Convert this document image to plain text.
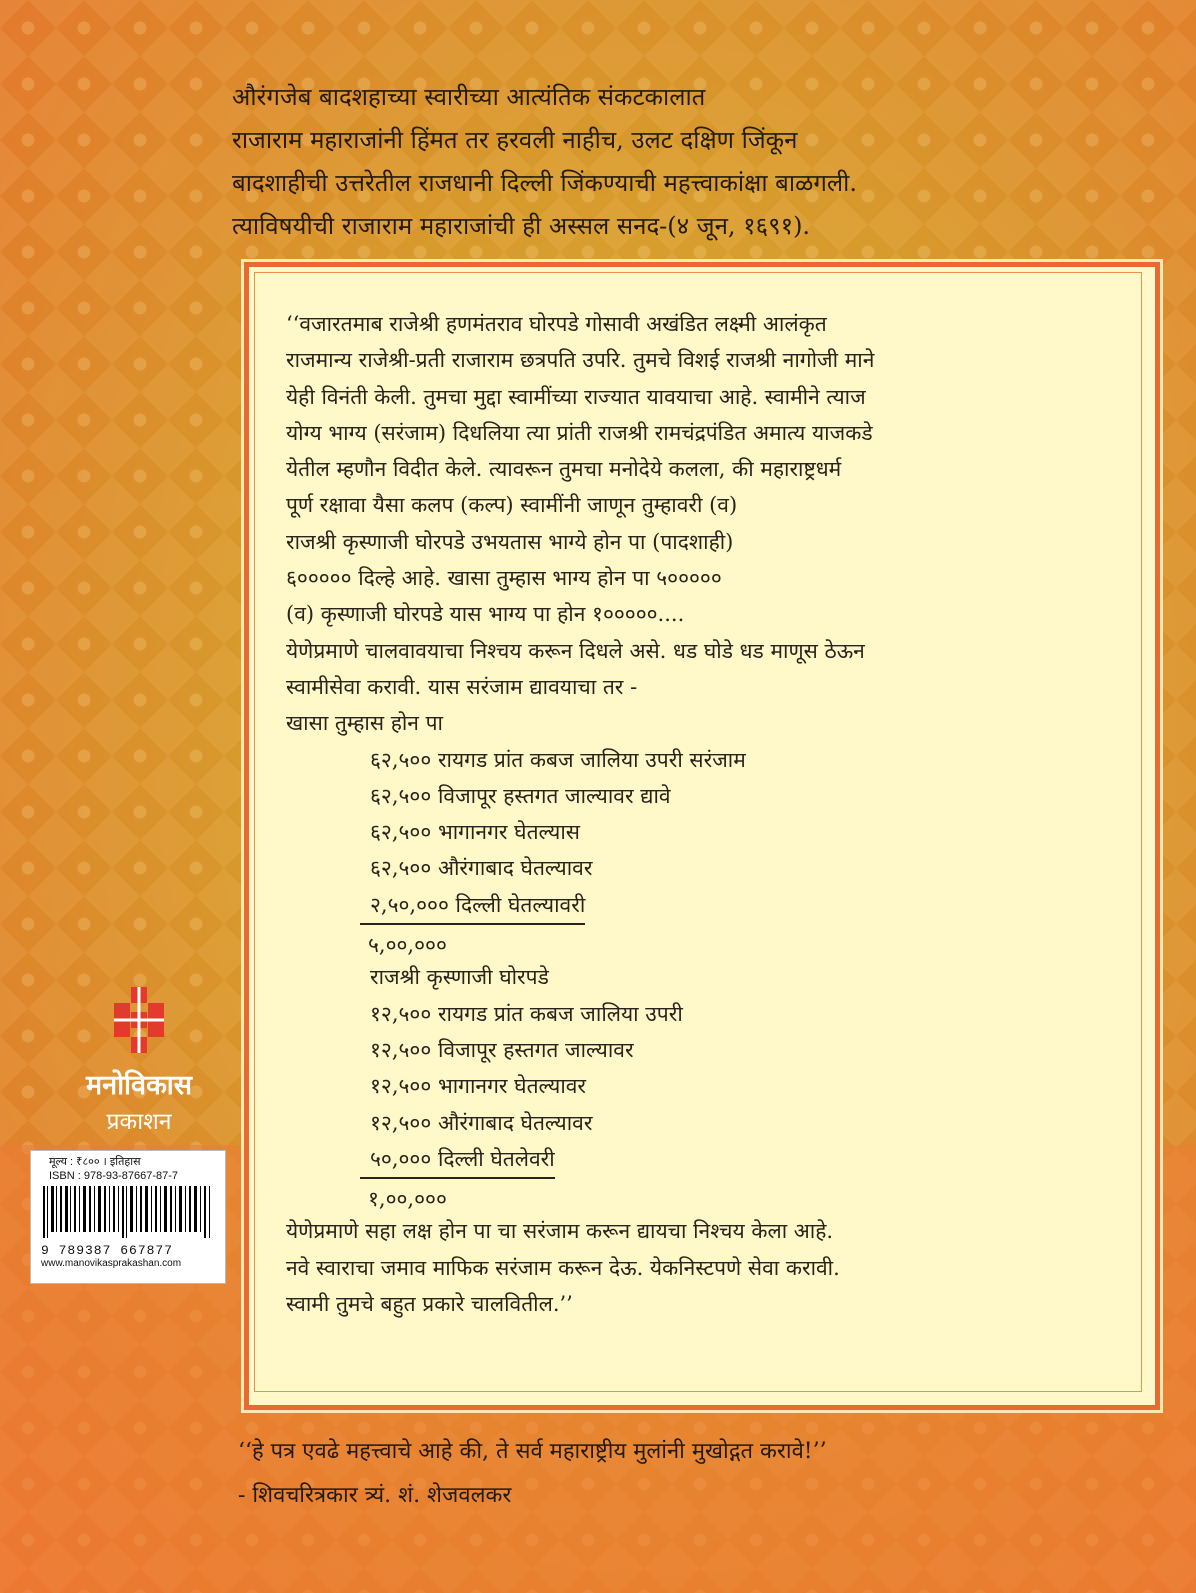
औरंगजेब बादशहाच्या स्वारीच्या आत्यंतिक संकटकालात
राजाराम महाराजांनी हिंमत तर हरवली नाहीच, उलट दक्षिण जिंकून
बादशाहीची उत्तरेतील राजधानी दिल्ली जिंकण्याची महत्त्वाकांक्षा बाळगली.
त्याविषयीची राजाराम महाराजांची ही अस्सल सनद-(४ जून, १६९१).
‘‘वजारतमाब राजेश्री हणमंतराव घोरपडे गोसावी अखंडित लक्ष्मी आलंकृत
राजमान्य राजेश्री-प्रती राजाराम छत्रपति उपरि. तुमचे विशई राजश्री नागोजी माने
येही विनंती केली. तुमचा मुद्दा स्वामींच्या राज्यात यावयाचा आहे. स्वामीने त्याज
योग्य भाग्य (सरंजाम) दिधलिया त्या प्रांती राजश्री रामचंद्रपंडित अमात्य याजकडे
येतील म्हणौन विदीत केले. त्यावरून तुमचा मनोदेये कलला, की महाराष्ट्रधर्म
पूर्ण रक्षावा यैसा कलप (कल्प) स्वामींनी जाणून तुम्हावरी (व)
राजश्री कृस्णाजी घोरपडे उभयतास भाग्ये होन पा (पादशाही)
६००००० दिल्हे आहे. खासा तुम्हास भाग्य होन पा ५०००००
(व) कृस्णाजी घोरपडे यास भाग्य पा होन १०००००....
येणेप्रमाणे चालवावयाचा निश्चय करून दिधले असे. धड घोडे धड माणूस ठेऊन
स्वामीसेवा करावी. यास सरंजाम द्यावयाचा तर -
खासा तुम्हास होन पा
६२,५०० रायगड प्रांत कबज जालिया उपरी सरंजाम
६२,५०० विजापूर हस्तगत जाल्यावर द्यावे
६२,५०० भागानगर घेतल्यास
६२,५०० औरंगाबाद घेतल्यावर
२,५०,००० दिल्ली घेतल्यावरी
५,००,०००
राजश्री कृस्णाजी घोरपडे
१२,५०० रायगड प्रांत कबज जालिया उपरी
१२,५०० विजापूर हस्तगत जाल्यावर
१२,५०० भागानगर घेतल्यावर
१२,५०० औरंगाबाद घेतल्यावर
५०,००० दिल्ली घेतलेवरी
१,००,०००
येणेप्रमाणे सहा लक्ष होन पा चा सरंजाम करून द्यायचा निश्चय केला आहे.
नवे स्वाराचा जमाव माफिक सरंजाम करून देऊ. येकनिस्टपणे सेवा करावी.
स्वामी तुमचे बहुत प्रकारे चालवितील.’’
मनोविकास
प्रकाशन
मूल्य : ₹८०० । इतिहास
ISBN : 978-93-87667-87-7
9 789387 667877
www.manovikasprakashan.com
‘‘हे पत्र एवढे महत्त्वाचे आहे की, ते सर्व महाराष्ट्रीय मुलांनी मुखोद्गत करावे!’’
- शिवचरित्रकार त्र्यं. शं. शेजवलकर
